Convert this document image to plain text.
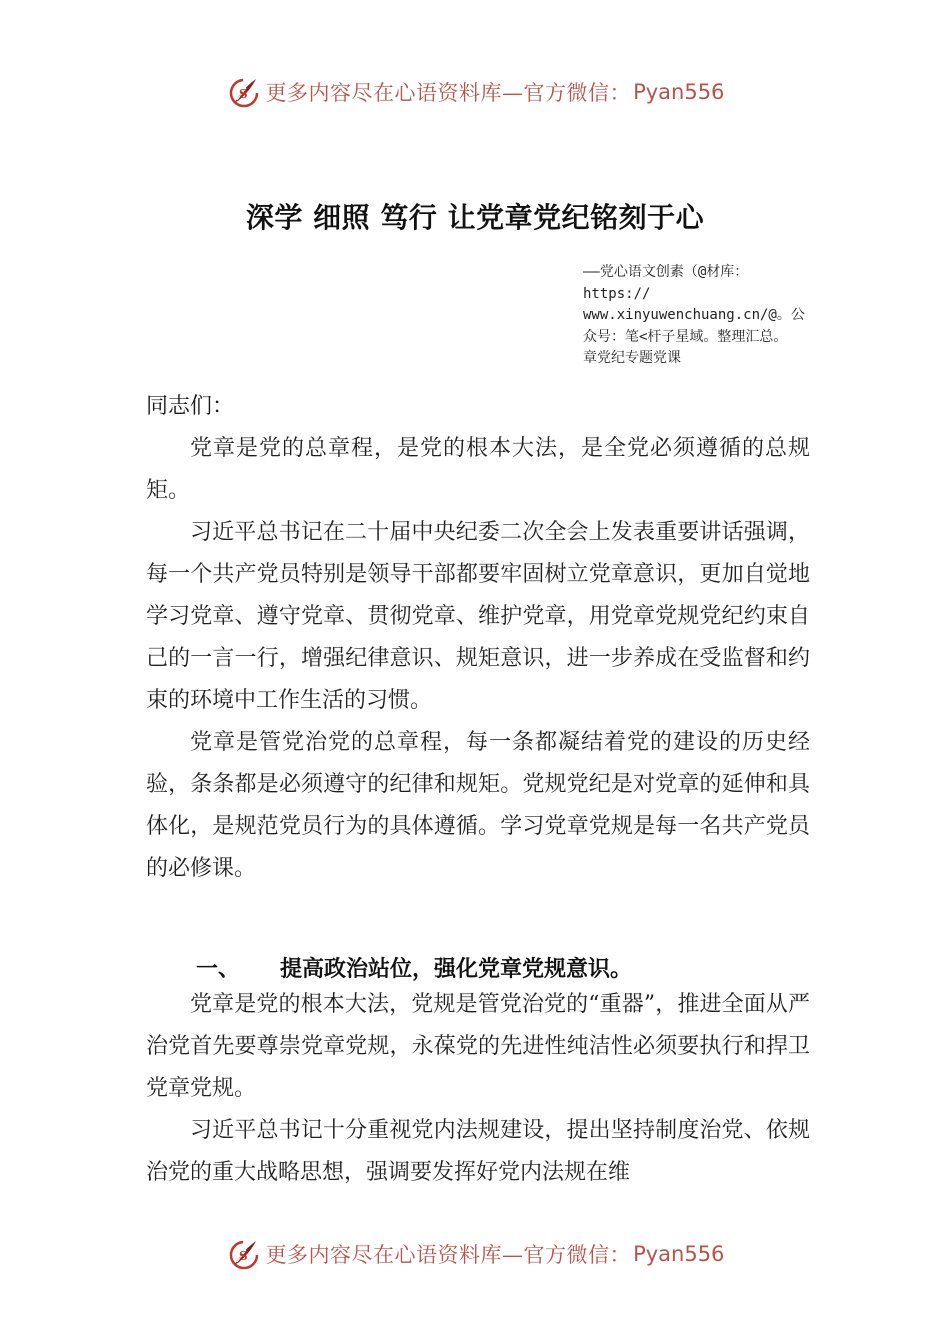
S 更多内容尽在心语资料库—官方微信： Pyan556
深学 细照 笃行 让党章党纪铭刻于心
——党心语文创素（@材库：
https://
www.xinyuwenchuang.cn/@。公
众号：笔<杆子星域。整理汇总。
章党纪专题党课
同志们：

党章是党的总章程，是党的根本大法，是全党必须遵循的总规矩。

习近平总书记在二十届中央纪委二次全会上发表重要讲话强调，每一个共产党员特别是领导干部都要牢固树立党章意识，更加自觉地学习党章、遵守党章、贯彻党章、维护党章，用党章党规党纪约束自己的一言一行，增强纪律意识、规矩意识，进一步养成在受监督和约束的环境中工作生活的习惯。

党章是管党治党的总章程，每一条都凝结着党的建设的历史经验，条条都是必须遵守的纪律和规矩。党规党纪是对党章的延伸和具体化，是规范党员行为的具体遵循。学习党章党规是每一名共产党员的必修课。

一、 提高政治站位，强化党章党规意识。

党章是党的根本大法，党规是管党治党的“重器”，推进全面从严治党首先要尊崇党章党规，永葆党的先进性纯洁性必须要执行和捍卫党章党规。

习近平总书记十分重视党内法规建设，提出坚持制度治党、依规治党的重大战略思想，强调要发挥好党内法规在维

S 更多内容尽在心语资料库—官方微信： Pyan556
